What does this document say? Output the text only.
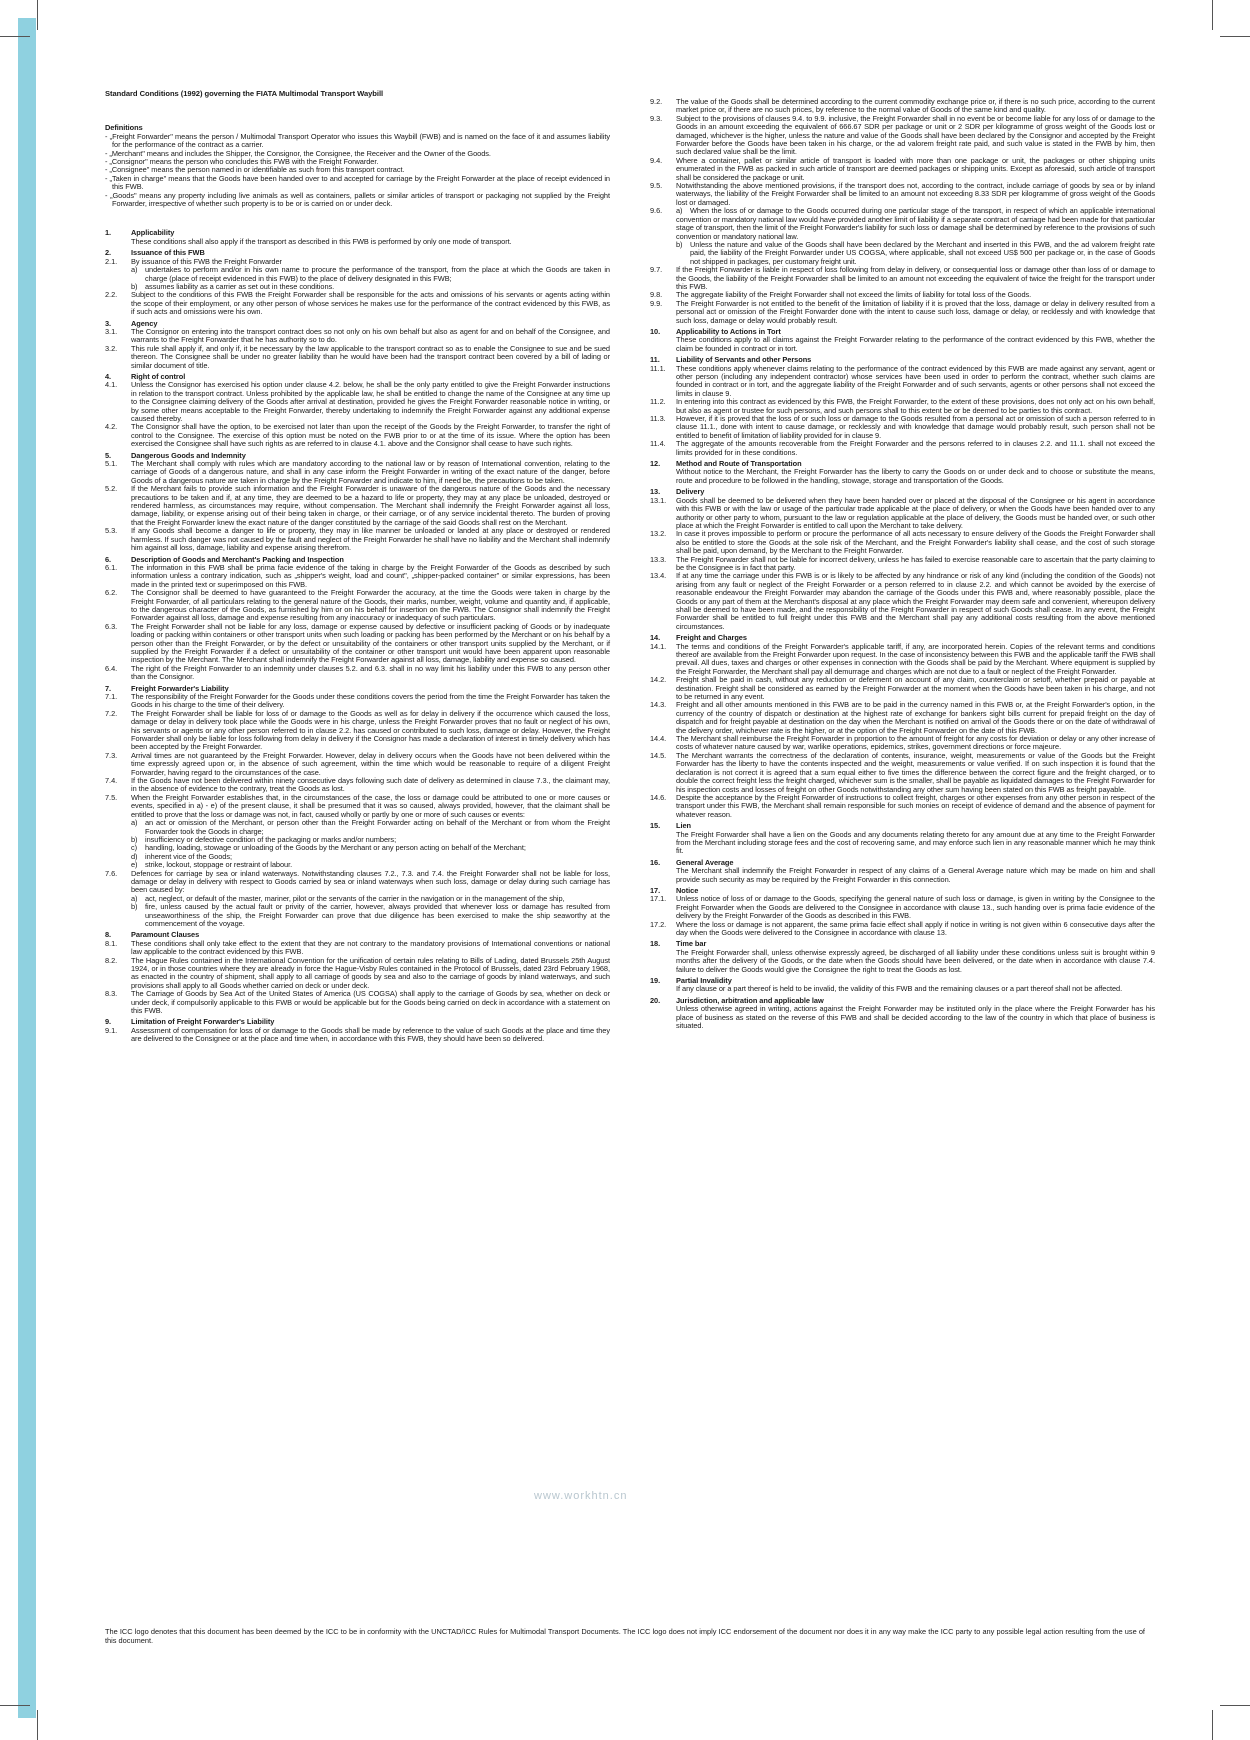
Standard Conditions (1992) governing the FIATA Multimodal Transport Waybill
Definitions
- „Freight Forwarder" means the person / Multimodal Transport Operator who issues this Waybill (FWB) and is named on the face of it and assumes liability for the performance of the contract as a carrier.
- „Merchant" means and includes the Shipper, the Consignor, the Consignee, the Receiver and the Owner of the Goods.
- „Consignor" means the person who concludes this FWB with the Freight Forwarder.
- „Consignee" means the person named in or identifiable as such from this transport contract.
- „Taken in charge" means that the Goods have been handed over to and accepted for carriage by the Freight Forwarder at the place of receipt evidenced in this FWB.
- „Goods" means any property including live animals as well as containers, pallets or similar articles of transport or packaging not supplied by the Freight Forwarder, irrespective of whether such property is to be or is carried on or under deck.
1.	Applicability
These conditions shall also apply if the transport as described in this FWB is performed by only one mode of transport.
2.	Issuance of this FWB
2.1.	By issuance of this FWB the Freight Forwarder
a)	undertakes to perform and/or in his own name to procure the performance of the transport, from the place at which the Goods are taken in charge (place of receipt evidenced in this FWB) to the place of delivery designated in this FWB;
b)	assumes liability as a carrier as set out in these conditions.
2.2.	Subject to the conditions of this FWB the Freight Forwarder shall be responsible for the acts and omissions of his servants or agents acting within the scope of their employment, or any other person of whose services he makes use for the performance of the contract evidenced by this FWB, as if such acts and omissions were his own.
3.	Agency
3.1.	The Consignor on entering into the transport contract does so not only on his own behalf but also as agent for and on behalf of the Consignee, and warrants to the Freight Forwarder that he has authority so to do.
3.2.	This rule shall apply if, and only if, it be necessary by the law applicable to the transport contract so as to enable the Consignee to sue and be sued thereon. The Consignee shall be under no greater liability than he would have been had the transport contract been covered by a bill of lading or similar document of title.
4.	Right of control
4.1.	Unless the Consignor has exercised his option under clause 4.2. below, he shall be the only party entitled to give the Freight Forwarder instructions in relation to the transport contract. Unless prohibited by the applicable law, he shall be entitled to change the name of the Consignee at any time up to the Consignee claiming delivery of the Goods after arrival at destination, provided he gives the Freight Forwarder reasonable notice in writing, or by some other means acceptable to the Freight Forwarder, thereby undertaking to indemnify the Freight Forwarder against any additional expense caused thereby.
4.2.	The Consignor shall have the option, to be exercised not later than upon the receipt of the Goods by the Freight Forwarder, to transfer the right of control to the Consignee. The exercise of this option must be noted on the FWB prior to or at the time of its issue. Where the option has been exercised the Consignee shall have such rights as are referred to in clause 4.1. above and the Consignor shall cease to have such rights.
5.	Dangerous Goods and Indemnity
5.1.	The Merchant shall comply with rules which are mandatory according to the national law or by reason of International convention, relating to the carriage of Goods of a dangerous nature, and shall in any case inform the Freight Forwarder in writing of the exact nature of the danger, before Goods of a dangerous nature are taken in charge by the Freight Forwarder and indicate to him, if need be, the precautions to be taken.
5.2.	If the Merchant fails to provide such information and the Freight Forwarder is unaware of the dangerous nature of the Goods and the necessary precautions to be taken and if, at any time, they are deemed to be a hazard to life or property, they may at any place be unloaded, destroyed or rendered harmless, as circumstances may require, without compensation. The Merchant shall indemnify the Freight Forwarder against all loss, damage, liability, or expense arising out of their being taken in charge, or their carriage, or of any service incidental thereto. The burden of proving that the Freight Forwarder knew the exact nature of the danger constituted by the carriage of the said Goods shall rest on the Merchant.
5.3.	If any Goods shall become a danger to life or property, they may in like manner be unloaded or landed at any place or destroyed or rendered harmless. If such danger was not caused by the fault and neglect of the Freight Forwarder he shall have no liability and the Merchant shall indemnify him against all loss, damage, liability and expense arising therefrom.
6.	Description of Goods and Merchant's Packing and Inspection
6.1.	The information in this FWB shall be prima facie evidence of the taking in charge by the Freight Forwarder of the Goods as described by such information unless a contrary indication, such as „shipper's weight, load and count", „shipper-packed container" or similar expressions, has been made in the printed text or superimposed on this FWB.
6.2.	The Consignor shall be deemed to have guaranteed to the Freight Forwarder the accuracy, at the time the Goods were taken in charge by the Freight Forwarder, of all particulars relating to the general nature of the Goods, their marks, number, weight, volume and quantity and, if applicable, to the dangerous character of the Goods, as furnished by him or on his behalf for insertion on the FWB. The Consignor shall indemnify the Freight Forwarder against all loss, damage and expense resulting from any inaccuracy or inadequacy of such particulars.
6.3.	The Freight Forwarder shall not be liable for any loss, damage or expense caused by defective or insufficient packing of Goods or by inadequate loading or packing within containers or other transport units when such loading or packing has been performed by the Merchant or on his behalf by a person other than the Freight Forwarder, or by the defect or unsuitability of the containers or other transport units supplied by the Merchant, or if supplied by the Freight Forwarder if a defect or unsuitability of the container or other transport unit would have been apparent upon reasonable inspection by the Merchant. The Merchant shall indemnify the Freight Forwarder against all loss, damage, liability and expense so caused.
6.4.	The right of the Freight Forwarder to an indemnity under clauses 5.2. and 6.3. shall in no way limit his liability under this FWB to any person other than the Consignor.
7.	Freight Forwarder's Liability
7.1.	The responsibility of the Freight Forwarder for the Goods under these conditions covers the period from the time the Freight Forwarder has taken the Goods in his charge to the time of their delivery.
7.2.	The Freight Forwarder shall be liable for loss of or damage to the Goods as well as for delay in delivery if the occurrence which caused the loss, damage or delay in delivery took place while the Goods were in his charge, unless the Freight Forwarder proves that no fault or neglect of his own, his servants or agents or any other person referred to in clause 2.2. has caused or contributed to such loss, damage or delay. However, the Freight Forwarder shall only be liable for loss following from delay in delivery if the Consignor has made a declaration of interest in timely delivery which has been accepted by the Freight Forwarder.
7.3.	Arrival times are not guaranteed by the Freight Forwarder. However, delay in delivery occurs when the Goods have not been delivered within the time expressly agreed upon or, in the absence of such agreement, within the time which would be reasonable to require of a diligent Freight Forwarder, having regard to the circumstances of the case.
7.4.	If the Goods have not been delivered within ninety consecutive days following such date of delivery as determined in clause 7.3., the claimant may, in the absence of evidence to the contrary, treat the Goods as lost.
7.5.	When the Freight Forwarder establishes that, in the circumstances of the case, the loss or damage could be attributed to one or more causes or events, specified in a) - e) of the present clause, it shall be presumed that it was so caused, always provided, however, that the claimant shall be entitled to prove that the loss or damage was not, in fact, caused wholly or partly by one or more of such causes or events:
a)	an act or omission of the Merchant, or person other than the Freight Forwarder acting on behalf of the Merchant or from whom the Freight Forwarder took the Goods in charge;
b)	insufficiency or defective condition of the packaging or marks and/or numbers;
c)	handling, loading, stowage or unloading of the Goods by the Merchant or any person acting on behalf of the Merchant;
d)	inherent vice of the Goods;
e)	strike, lockout, stoppage or restraint of labour.
7.6.	Defences for carriage by sea or inland waterways. Notwithstanding clauses 7.2., 7.3. and 7.4. the Freight Forwarder shall not be liable for loss, damage or delay in delivery with respect to Goods carried by sea or inland waterways when such loss, damage or delay during such carriage has been caused by:
a)	act, neglect, or default of the master, mariner, pilot or the servants of the carrier in the navigation or in the management of the ship,
b)	fire, unless caused by the actual fault or privity of the carrier, however, always provided that whenever loss or damage has resulted from unseaworthiness of the ship, the Freight Forwarder can prove that due diligence has been exercised to make the ship seaworthy at the commencement of the voyage.
8.	Paramount Clauses
8.1.	These conditions shall only take effect to the extent that they are not contrary to the mandatory provisions of International conventions or national law applicable to the contract evidenced by this FWB.
8.2.	The Hague Rules contained in the International Convention for the unification of certain rules relating to Bills of Lading, dated Brussels 25th August 1924, or in those countries where they are already in force the Hague-Visby Rules contained in the Protocol of Brussels, dated 23rd February 1968, as enacted in the country of shipment, shall apply to all carriage of goods by sea and also to the carriage of goods by inland waterways, and such provisions shall apply to all Goods whether carried on deck or under deck.
8.3.	The Carriage of Goods by Sea Act of the United States of America (US COGSA) shall apply to the carriage of Goods by sea, whether on deck or under deck, if compulsorily applicable to this FWB or would be applicable but for the Goods being carried on deck in accordance with a statement on this FWB.
9.	Limitation of Freight Forwarder's Liability
9.1.	Assessment of compensation for loss of or damage to the Goods shall be made by reference to the value of such Goods at the place and time they are delivered to the Consignee or at the place and time when, in accordance with this FWB, they should have been so delivered.
9.2.	The value of the Goods shall be determined according to the current commodity exchange price or, if there is no such price, according to the current market price or, if there are no such prices, by reference to the normal value of Goods of the same kind and quality.
9.3.	Subject to the provisions of clauses 9.4. to 9.9. inclusive, the Freight Forwarder shall in no event be or become liable for any loss of or damage to the Goods in an amount exceeding the equivalent of 666.67 SDR per package or unit or 2 SDR per kilogramme of gross weight of the Goods lost or damaged, whichever is the higher, unless the nature and value of the Goods shall have been declared by the Consignor and accepted by the Freight Forwarder before the Goods have been taken in his charge, or the ad valorem freight rate paid, and such value is stated in the FWB by him, then such declared value shall be the limit.
9.4.	Where a container, pallet or similar article of transport is loaded with more than one package or unit, the packages or other shipping units enumerated in the FWB as packed in such article of transport are deemed packages or shipping units. Except as aforesaid, such article of transport shall be considered the package or unit.
9.5.	Notwithstanding the above mentioned provisions, if the transport does not, according to the contract, include carriage of goods by sea or by inland waterways, the liability of the Freight Forwarder shall be limited to an amount not exceeding 8.33 SDR per kilogramme of gross weight of the Goods lost or damaged.
9.6.	a) When the loss of or damage to the Goods occurred during one particular stage of the transport, in respect of which an applicable international convention or mandatory national law would have provided another limit of liability if a separate contract of carriage had been made for that particular stage of transport, then the limit of the Freight Forwarder's liability for such loss or damage shall be determined by reference to the provisions of such convention or mandatory national law.
b)	Unless the nature and value of the Goods shall have been declared by the Merchant and inserted in this FWB, and the ad valorem freight rate paid, the liability of the Freight Forwarder under US COGSA, where applicable, shall not exceed US$ 500 per package or, in the case of Goods not shipped in packages, per customary freight unit.
9.7.	If the Freight Forwarder is liable in respect of loss following from delay in delivery, or consequential loss or damage other than loss of or damage to the Goods, the liability of the Freight Forwarder shall be limited to an amount not exceeding the equivalent of twice the freight for the transport under this FWB.
9.8.	The aggregate liability of the Freight Forwarder shall not exceed the limits of liability for total loss of the Goods.
9.9.	The Freight Forwarder is not entitled to the benefit of the limitation of liability if it is proved that the loss, damage or delay in delivery resulted from a personal act or omission of the Freight Forwarder done with the intent to cause such loss, damage or delay, or recklessly and with knowledge that such loss, damage or delay would probably result.
10.	Applicability to Actions in Tort
These conditions apply to all claims against the Freight Forwarder relating to the performance of the contract evidenced by this FWB, whether the claim be founded in contract or in tort.
11.	Liability of Servants and other Persons
11.1.	These conditions apply whenever claims relating to the performance of the contract evidenced by this FWB are made against any servant, agent or other person (including any independent contractor) whose services have been used in order to perform the contract, whether such claims are founded in contract or in tort, and the aggregate liability of the Freight Forwarder and of such servants, agents or other persons shall not exceed the limits in clause 9.
11.2.	In entering into this contract as evidenced by this FWB, the Freight Forwarder, to the extent of these provisions, does not only act on his own behalf, but also as agent or trustee for such persons, and such persons shall to this extent be or be deemed to be parties to this contract.
11.3.	However, if it is proved that the loss of or such loss or damage to the Goods resulted from a personal act or omission of such a person referred to in clause 11.1., done with intent to cause damage, or recklessly and with knowledge that damage would probably result, such person shall not be entitled to benefit of limitation of liability provided for in clause 9.
11.4.	The aggregate of the amounts recoverable from the Freight Forwarder and the persons referred to in clauses 2.2. and 11.1. shall not exceed the limits provided for in these conditions.
12.	Method and Route of Transportation
Without notice to the Merchant, the Freight Forwarder has the liberty to carry the Goods on or under deck and to choose or substitute the means, route and procedure to be followed in the handling, stowage, storage and transportation of the Goods.
13.	Delivery
13.1.	Goods shall be deemed to be delivered when they have been handed over or placed at the disposal of the Consignee or his agent in accordance with this FWB or with the law or usage of the particular trade applicable at the place of delivery, or when the Goods have been handed over to any authority or other party to whom, pursuant to the law or regulation applicable at the place of delivery, the Goods must be handed over, or such other place at which the Freight Forwarder is entitled to call upon the Merchant to take delivery.
13.2.	In case it proves impossible to perform or procure the performance of all acts necessary to ensure delivery of the Goods the Freight Forwarder shall also be entitled to store the Goods at the sole risk of the Merchant, and the Freight Forwarder's liability shall cease, and the cost of such storage shall be paid, upon demand, by the Merchant to the Freight Forwarder.
13.3.	The Freight Forwarder shall not be liable for incorrect delivery, unless he has failed to exercise reasonable care to ascertain that the party claiming to be the Consignee is in fact that party.
13.4.	If at any time the carriage under this FWB is or is likely to be affected by any hindrance or risk of any kind (including the condition of the Goods) not arising from any fault or neglect of the Freight Forwarder or a person referred to in clause 2.2. and which cannot be avoided by the exercise of reasonable endeavour the Freight Forwarder may abandon the carriage of the Goods under this FWB and, where reasonably possible, place the Goods or any part of them at the Merchant's disposal at any place which the Freight Forwarder may deem safe and convenient, whereupon delivery shall be deemed to have been made, and the responsibility of the Freight Forwarder in respect of such Goods shall cease. In any event, the Freight Forwarder shall be entitled to full freight under this FWB and the Merchant shall pay any additional costs resulting from the above mentioned circumstances.
14.	Freight and Charges
14.1.	The terms and conditions of the Freight Forwarder's applicable tariff, if any, are incorporated herein. Copies of the relevant terms and conditions thereof are available from the Freight Forwarder upon request. In the case of inconsistency between this FWB and the applicable tariff the FWB shall prevail. All dues, taxes and charges or other expenses in connection with the Goods shall be paid by the Merchant. Where equipment is supplied by the Freight Forwarder, the Merchant shall pay all demurrage and charges which are not due to a fault or neglect of the Freight Forwarder.
14.2.	Freight shall be paid in cash, without any reduction or deferment on account of any claim, counterclaim or setoff, whether prepaid or payable at destination. Freight shall be considered as earned by the Freight Forwarder at the moment when the Goods have been taken in his charge, and not to be returned in any event.
14.3.	Freight and all other amounts mentioned in this FWB are to be paid in the currency named in this FWB or, at the Freight Forwarder's option, in the currency of the country of dispatch or destination at the highest rate of exchange for bankers sight bills current for prepaid freight on the day of dispatch and for freight payable at destination on the day when the Merchant is notified on arrival of the Goods there or on the date of withdrawal of the delivery order, whichever rate is the higher, or at the option of the Freight Forwarder on the date of this FWB.
14.4.	The Merchant shall reimburse the Freight Forwarder in proportion to the amount of freight for any costs for deviation or delay or any other increase of costs of whatever nature caused by war, warlike operations, epidemics, strikes, government directions or force majeure.
14.5.	The Merchant warrants the correctness of the declaration of contents, insurance, weight, measurements or value of the Goods but the Freight Forwarder has the liberty to have the contents inspected and the weight, measurements or value verified. If on such inspection it is found that the declaration is not correct it is agreed that a sum equal either to five times the difference between the correct figure and the freight charged, or to double the correct freight less the freight charged, whichever sum is the smaller, shall be payable as liquidated damages to the Freight Forwarder for his inspection costs and losses of freight on other Goods notwithstanding any other sum having been stated on this FWB as freight payable.
14.6.	Despite the acceptance by the Freight Forwarder of instructions to collect freight, charges or other expenses from any other person in respect of the transport under this FWB, the Merchant shall remain responsible for such monies on receipt of evidence of demand and the absence of payment for whatever reason.
15.	Lien
The Freight Forwarder shall have a lien on the Goods and any documents relating thereto for any amount due at any time to the Freight Forwarder from the Merchant including storage fees and the cost of recovering same, and may enforce such lien in any reasonable manner which he may think fit.
16.	General Average
The Merchant shall indemnify the Freight Forwarder in respect of any claims of a General Average nature which may be made on him and shall provide such security as may be required by the Freight Forwarder in this connection.
17.	Notice
17.1.	Unless notice of loss of or damage to the Goods, specifying the general nature of such loss or damage, is given in writing by the Consignee to the Freight Forwarder when the Goods are delivered to the Consignee in accordance with clause 13., such handing over is prima facie evidence of the delivery by the Freight Forwarder of the Goods as described in this FWB.
17.2.	Where the loss or damage is not apparent, the same prima facie effect shall apply if notice in writing is not given within 6 consecutive days after the day when the Goods were delivered to the Consignee in accordance with clause 13.
18.	Time bar
The Freight Forwarder shall, unless otherwise expressly agreed, be discharged of all liability under these conditions unless suit is brought within 9 months after the delivery of the Goods, or the date when the Goods should have been delivered, or the date when in accordance with clause 7.4. failure to deliver the Goods would give the Consignee the right to treat the Goods as lost.
19.	Partial Invalidity
If any clause or a part thereof is held to be invalid, the validity of this FWB and the remaining clauses or a part thereof shall not be affected.
20.	Jurisdiction, arbitration and applicable law
Unless otherwise agreed in writing, actions against the Freight Forwarder may be instituted only in the place where the Freight Forwarder has his place of business as stated on the reverse of this FWB and shall be decided according to the law of the country in which that place of business is situated.
www.workhtn.cn
The ICC logo denotes that this document has been deemed by the ICC to be in conformity with the UNCTAD/ICC Rules for Multimodal Transport Documents. The ICC logo does not imply ICC endorsement of the document nor does it in any way make the ICC party to any possible legal action resulting from the use of this document.
